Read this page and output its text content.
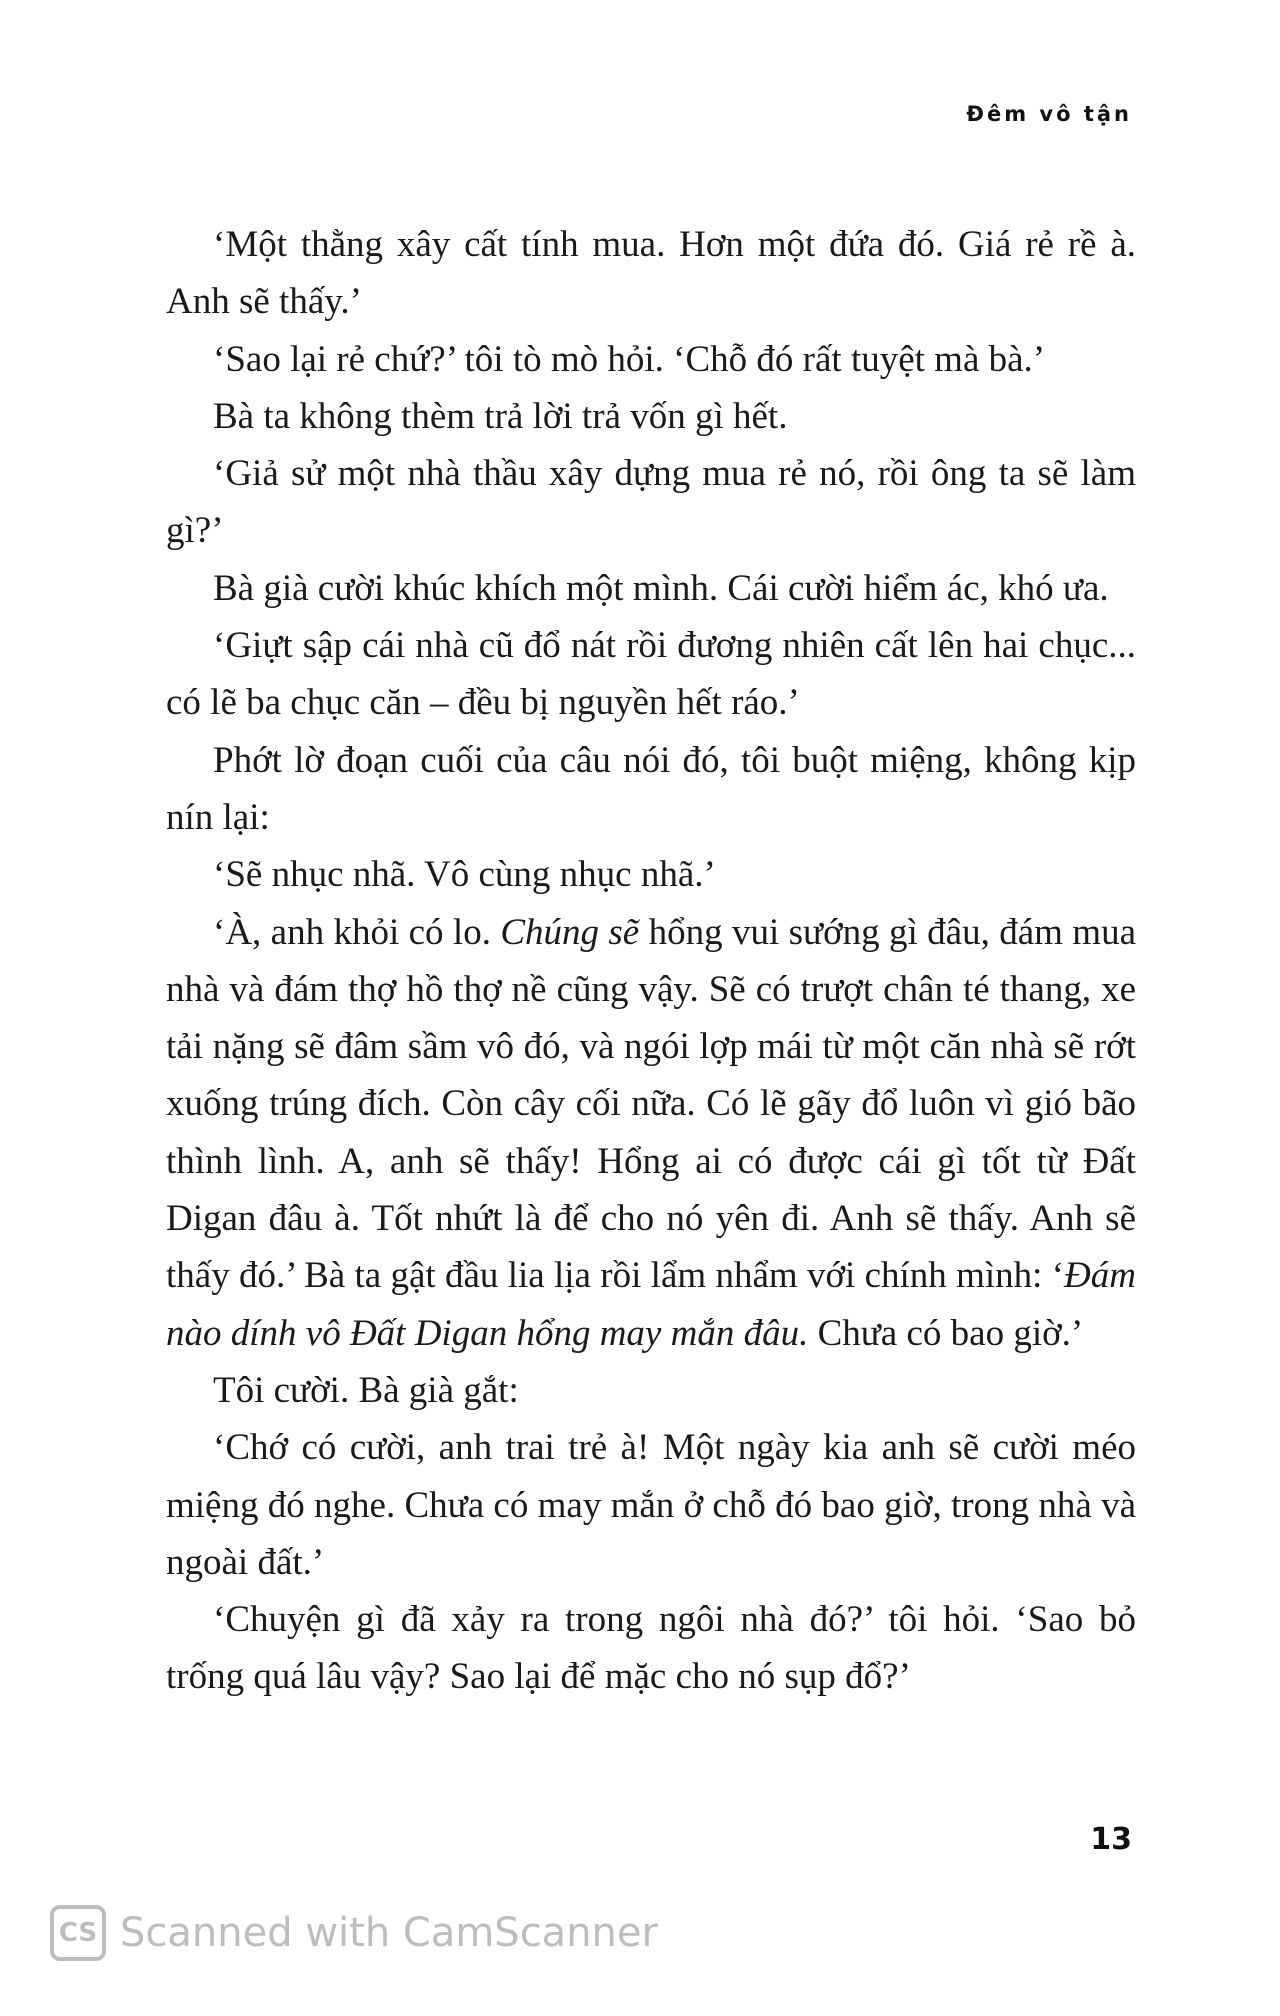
Đêm vô tận

‘Một thằng xây cất tính mua. Hơn một đứa đó. Giá rẻ rề à. Anh sẽ thấy.’

‘Sao lại rẻ chứ?’ tôi tò mò hỏi. ‘Chỗ đó rất tuyệt mà bà.’

Bà ta không thèm trả lời trả vốn gì hết.

‘Giả sử một nhà thầu xây dựng mua rẻ nó, rồi ông ta sẽ làm gì?’

Bà già cười khúc khích một mình. Cái cười hiểm ác, khó ưa.

‘Giựt sập cái nhà cũ đổ nát rồi đương nhiên cất lên hai chục... có lẽ ba chục căn – đều bị nguyền hết ráo.’

Phớt lờ đoạn cuối của câu nói đó, tôi buột miệng, không kịp nín lại:

‘Sẽ nhục nhã. Vô cùng nhục nhã.’

‘À, anh khỏi có lo. Chúng sẽ hổng vui sướng gì đâu, đám mua nhà và đám thợ hồ thợ nề cũng vậy. Sẽ có trượt chân té thang, xe tải nặng sẽ đâm sầm vô đó, và ngói lợp mái từ một căn nhà sẽ rớt xuống trúng đích. Còn cây cối nữa. Có lẽ gãy đổ luôn vì gió bão thình lình. A, anh sẽ thấy! Hổng ai có được cái gì tốt từ Đất Digan đâu à. Tốt nhứt là để cho nó yên đi. Anh sẽ thấy. Anh sẽ thấy đó.’ Bà ta gật đầu lia lịa rồi lẩm nhẩm với chính mình: ‘Đám nào dính vô Đất Digan hổng may mắn đâu. Chưa có bao giờ.’

Tôi cười. Bà già gắt:

‘Chớ có cười, anh trai trẻ à! Một ngày kia anh sẽ cười méo miệng đó nghe. Chưa có may mắn ở chỗ đó bao giờ, trong nhà và ngoài đất.’

‘Chuyện gì đã xảy ra trong ngôi nhà đó?’ tôi hỏi. ‘Sao bỏ trống quá lâu vậy? Sao lại để mặc cho nó sụp đổ?’

13
CS Scanned with CamScanner
